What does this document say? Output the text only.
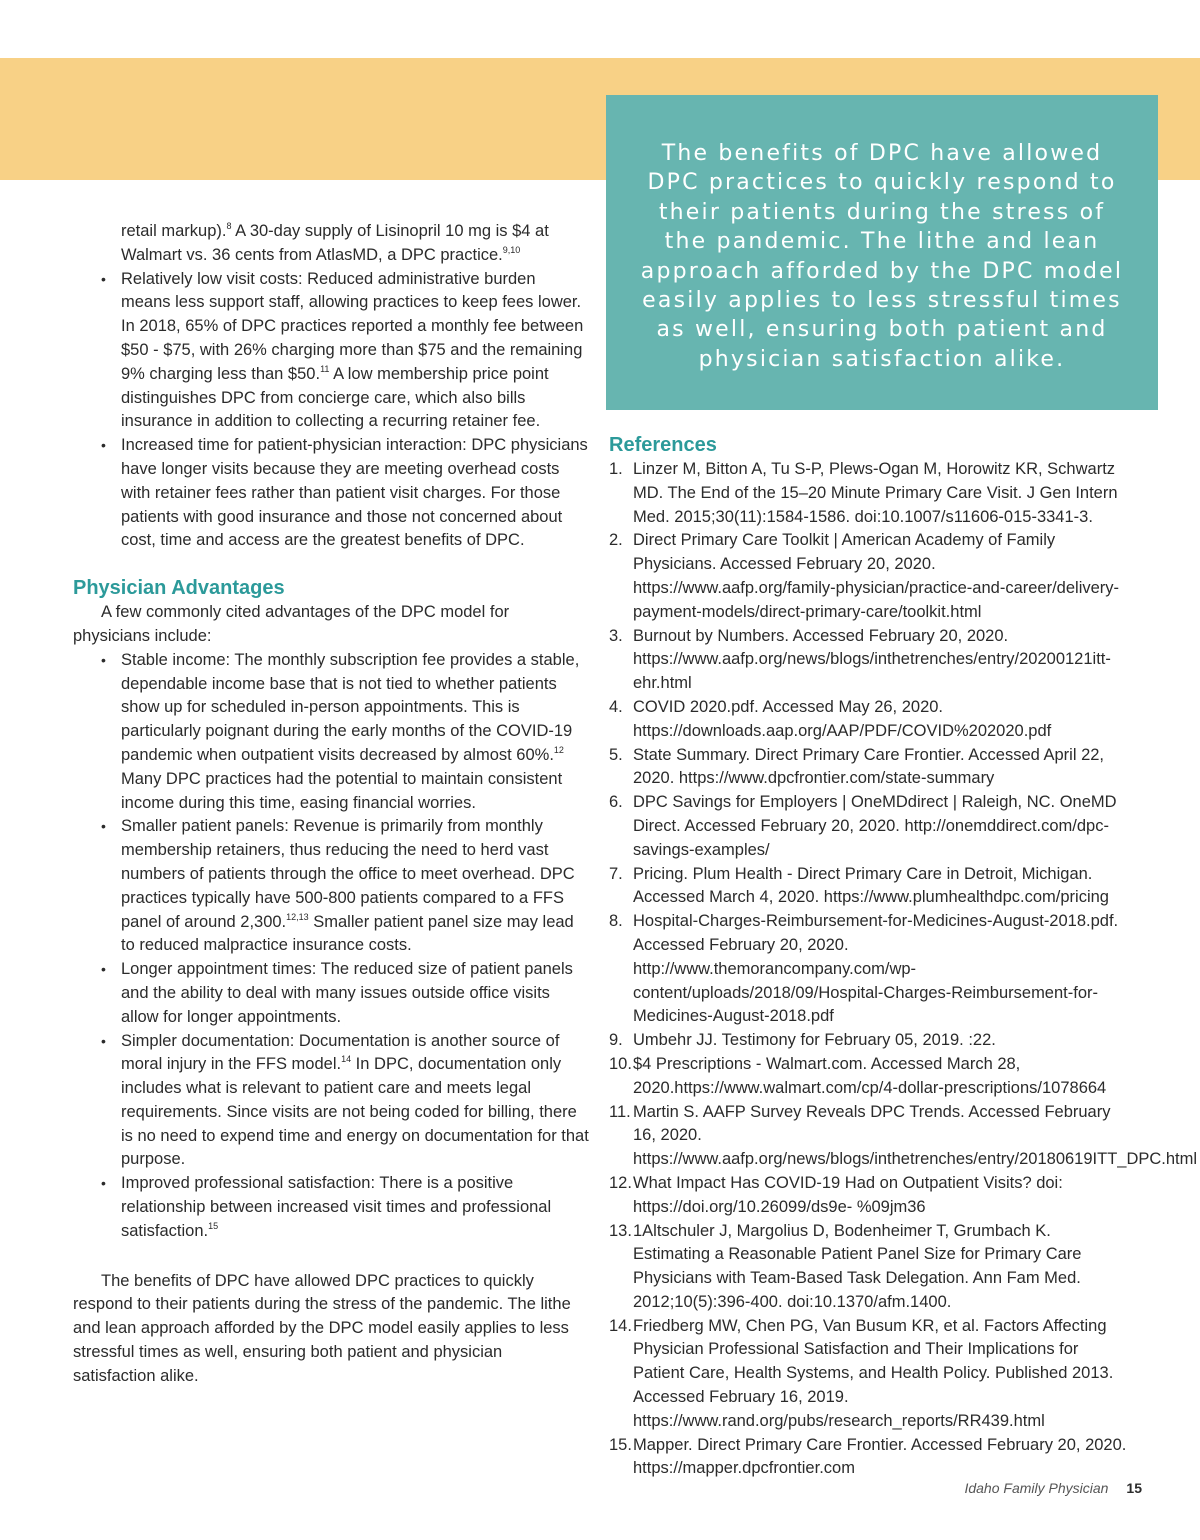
The benefits of DPC have allowed DPC practices to quickly respond to their patients during the stress of the pandemic. The lithe and lean approach afforded by the DPC model easily applies to less stressful times as well, ensuring both patient and physician satisfaction alike.
retail markup).$^8$ A 30-day supply of Lisinopril 10 mg is $4 at Walmart vs. 36 cents from AtlasMD, a DPC practice.$^{9,10}$
• Relatively low visit costs: Reduced administrative burden means less support staff, allowing practices to keep fees lower. In 2018, 65% of DPC practices reported a monthly fee between $50 - $75, with 26% charging more than $75 and the remaining 9% charging less than $50.11 A low membership price point distinguishes DPC from concierge care, which also bills insurance in addition to collecting a recurring retainer fee.
• Increased time for patient-physician interaction: DPC physicians have longer visits because they are meeting overhead costs with retainer fees rather than patient visit charges. For those patients with good insurance and those not concerned about cost, time and access are the greatest benefits of DPC.
Physician Advantages
A few commonly cited advantages of the DPC model for physicians include:
• Stable income: The monthly subscription fee provides a stable, dependable income base that is not tied to whether patients show up for scheduled in-person appointments. This is particularly poignant during the early months of the COVID-19 pandemic when outpatient visits decreased by almost 60%.$^{12}$ Many DPC practices had the potential to maintain consistent income during this time, easing financial worries.
• Smaller patient panels: Revenue is primarily from monthly membership retainers, thus reducing the need to herd vast numbers of patients through the office to meet overhead. DPC practices typically have 500-800 patients compared to a FFS panel of around 2,300.$^{12,13}$ Smaller patient panel size may lead to reduced malpractice insurance costs.
• Longer appointment times: The reduced size of patient panels and the ability to deal with many issues outside office visits allow for longer appointments.
• Simpler documentation: Documentation is another source of moral injury in the FFS model.$^{14}$ In DPC, documentation only includes what is relevant to patient care and meets legal requirements. Since visits are not being coded for billing, there is no need to expend time and energy on documentation for that purpose.
• Improved professional satisfaction: There is a positive relationship between increased visit times and professional satisfaction.$^{15}$
The benefits of DPC have allowed DPC practices to quickly respond to their patients during the stress of the pandemic. The lithe and lean approach afforded by the DPC model easily applies to less stressful times as well, ensuring both patient and physician satisfaction alike.
References
1. Linzer M, Bitton A, Tu S-P, Plews-Ogan M, Horowitz KR, Schwartz MD. The End of the 15–20 Minute Primary Care Visit. J Gen Intern Med. 2015;30(11):1584-1586. doi:10.1007/s11606-015-3341-3.
2. Direct Primary Care Toolkit | American Academy of Family Physicians. Accessed February 20, 2020. https://www.aafp.org/family-physician/practice-and-career/delivery-payment-models/direct-primary-care/toolkit.html
3. Burnout by Numbers. Accessed February 20, 2020. https://www.aafp.org/news/blogs/inthetrenches/entry/20200121itt-ehr.html
4. COVID 2020.pdf. Accessed May 26, 2020. https://downloads.aap.org/AAP/PDF/COVID%202020.pdf
5. State Summary. Direct Primary Care Frontier. Accessed April 22, 2020. https://www.dpcfrontier.com/state-summary
6. DPC Savings for Employers | OneMDdirect | Raleigh, NC. OneMD Direct. Accessed February 20, 2020. http://onemddirect.com/dpc-savings-examples/
7. Pricing. Plum Health - Direct Primary Care in Detroit, Michigan. Accessed March 4, 2020. https://www.plumhealthdpc.com/pricing
8. Hospital-Charges-Reimbursement-for-Medicines-August-2018.pdf. Accessed February 20, 2020. http://www.themorancompany.com/wp-content/uploads/2018/09/Hospital-Charges-Reimbursement-for-Medicines-August-2018.pdf
9. Umbehr JJ. Testimony for February 05, 2019. :22.
10. $4 Prescriptions - Walmart.com. Accessed March 28, 2020.https://www.walmart.com/cp/4-dollar-prescriptions/1078664
11. Martin S. AAFP Survey Reveals DPC Trends. Accessed February 16, 2020. https://www.aafp.org/news/blogs/inthetrenches/entry/20180619ITT_DPC.html
12. What Impact Has COVID-19 Had on Outpatient Visits? doi: https://doi.org/10.26099/ds9e- %09jm36
13. 1Altschuler J, Margolius D, Bodenheimer T, Grumbach K. Estimating a Reasonable Patient Panel Size for Primary Care Physicians with Team-Based Task Delegation. Ann Fam Med. 2012;10(5):396-400. doi:10.1370/afm.1400.
14. Friedberg MW, Chen PG, Van Busum KR, et al. Factors Affecting Physician Professional Satisfaction and Their Implications for Patient Care, Health Systems, and Health Policy. Published 2013. Accessed February 16, 2019. https://www.rand.org/pubs/research_reports/RR439.html
15. Mapper. Direct Primary Care Frontier. Accessed February 20, 2020. https://mapper.dpcfrontier.com
Idaho Family Physician 15
